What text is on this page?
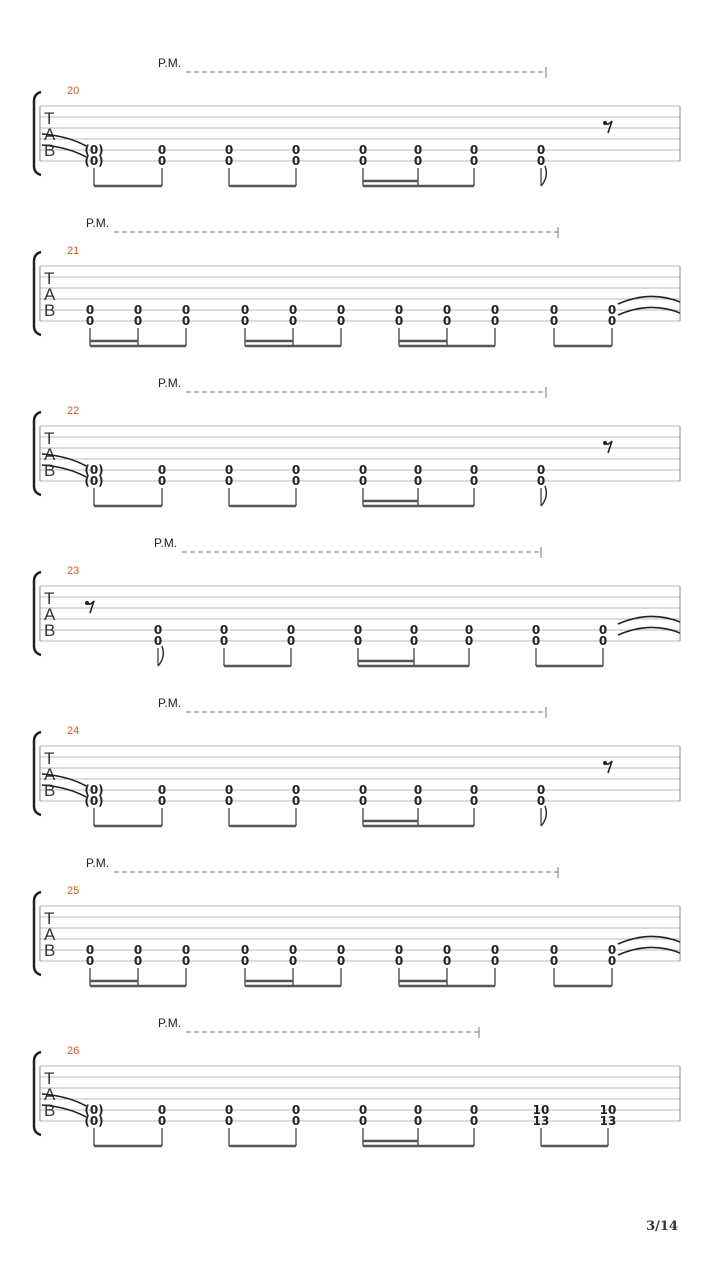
P.M.
20
T
A
B (0)
(0)
0
0
0
0
0
0
0
0
0
0
0
0
0
0
P.M.
21
T
A
B	0
0
0
0
0
0
0
0
0
0
0
0
0
0
0
0
0
0
0
0
0
0
P.M.
22
T
A
B (0)
(0)
0
0
0
0
0
0
0
0
0
0
0
0
0
0
P.M.
23
T
A
B	0
0
0
0
0
0
0
0
0
0
0
0
0
0
0
0
P.M.
24
T
A
B (0)
(0)
0
0
0
0
0
0
0
0
0
0
0
0
0
0
P.M.
25
T
A
B	0
0
0
0
0
0
0
0
0
0
0
0
0
0
0
0
0
0
0
0
0
0
P.M.
26
T
A
B (0)
(0)
0
0
0
0
0
0
0
0
0
0
0
0
10
13
10
13
3/14
